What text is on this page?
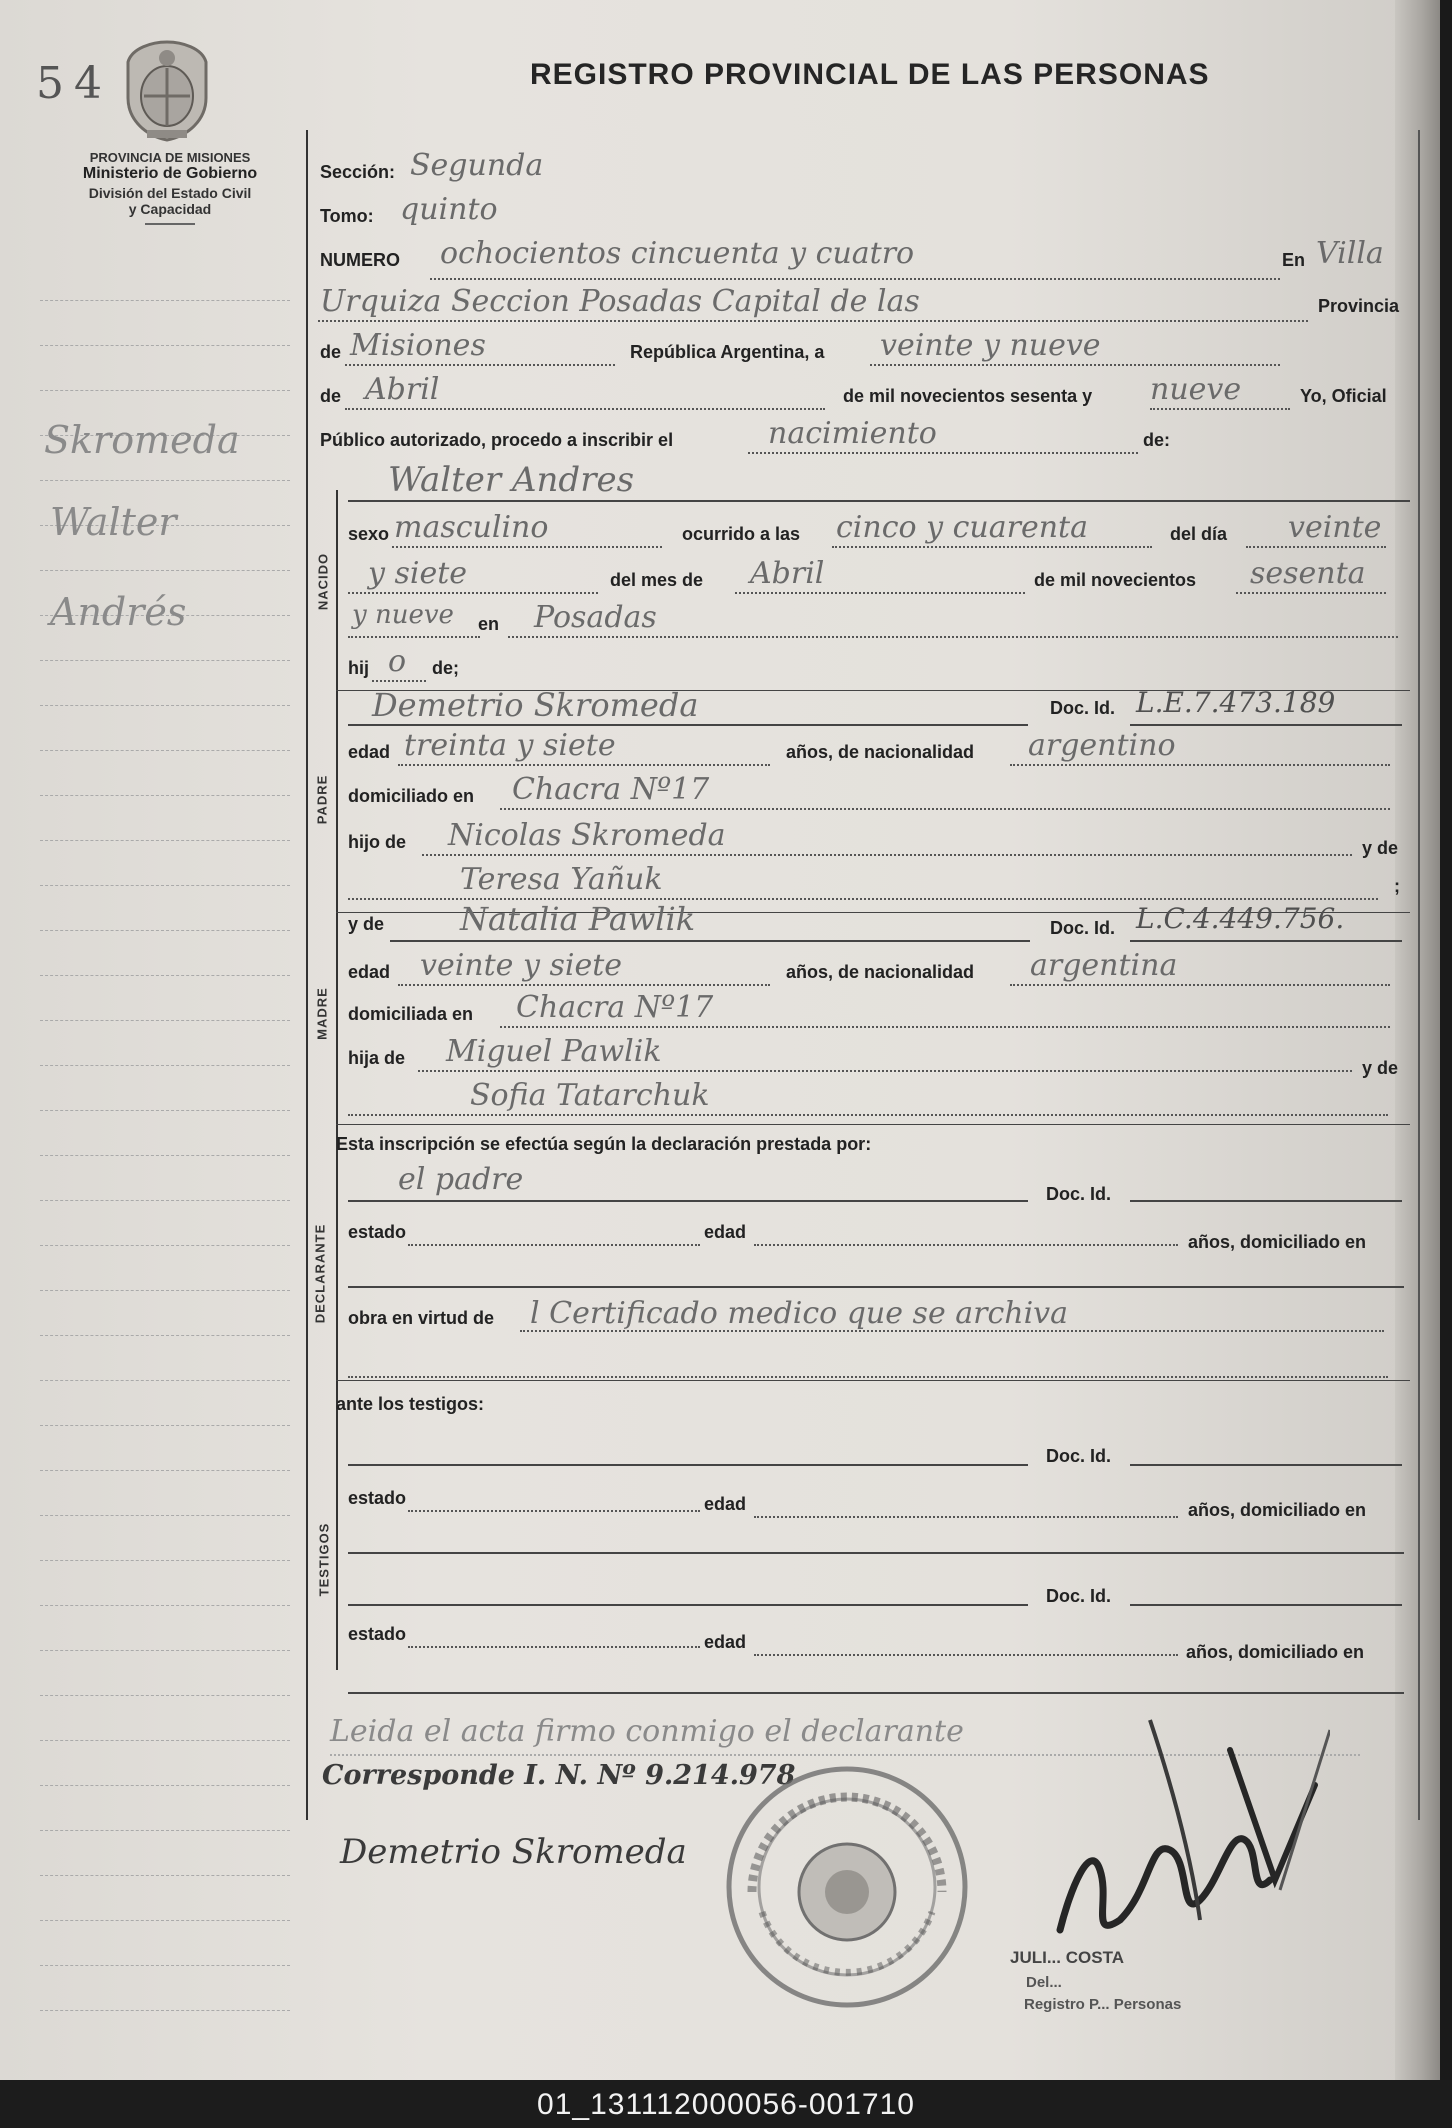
54	REGISTRO PROVINCIAL DE LAS PERSONAS
PROVINCIA DE MISIONES
Ministerio de Gobierno
División del Estado Civil
y Capacidad
Skromeda
Walter
Andrés
Sección: Segunda
Tomo: quinto
NUMERO ochocientos cincuenta y cuatro	En Villa
Urquiza Seccion Posadas Capital de las	Provincia
de Misiones	República Argentina, a veinte y nueve
de Abril	de mil novecientos sesenta y nueve	Yo, Oficial
Público autorizado, procedo a inscribir el	nacimiento	de:
NACIDO
Walter Andres
sexo masculino	ocurrido a las cinco y cuarenta	del día veinte
y siete	del mes de Abril	de mil novecientos sesenta
y nueve en Posadas
hij o de;
PADRE
Demetrio Skromeda	Doc. Id. L.E.7.473.189
edad treinta y siete	años, de nacionalidad argentino
domiciliado en Chacra Nº17
hijo de Nicolas Skromeda	y de
Teresa Yañuk	;
MADRE
y de Natalia Pawlik	Doc. Id. L.C.4.449.756.
edad veinte y siete	años, de nacionalidad argentina
domiciliada en Chacra Nº17
hija de Miguel Pawlik	y de
Sofia Tatarchuk
Esta inscripción se efectúa según la declaración prestada por:
DECLARANTE
el padre	Doc. Id.
estado	edad	años, domiciliado en
obra en virtud de l Certificado medico que se archiva
ante los testigos:
TESTIGOS
Doc. Id.
estado	edad	años, domiciliado en
Doc. Id.
estado	edad	años, domiciliado en
Leida el acta firmo conmigo el declarante
Corresponde I. N. Nº 9.214.978
Demetrio Skromeda
JULI... COSTA
Del...
Registro P... Personas
01_131112000056-001710
